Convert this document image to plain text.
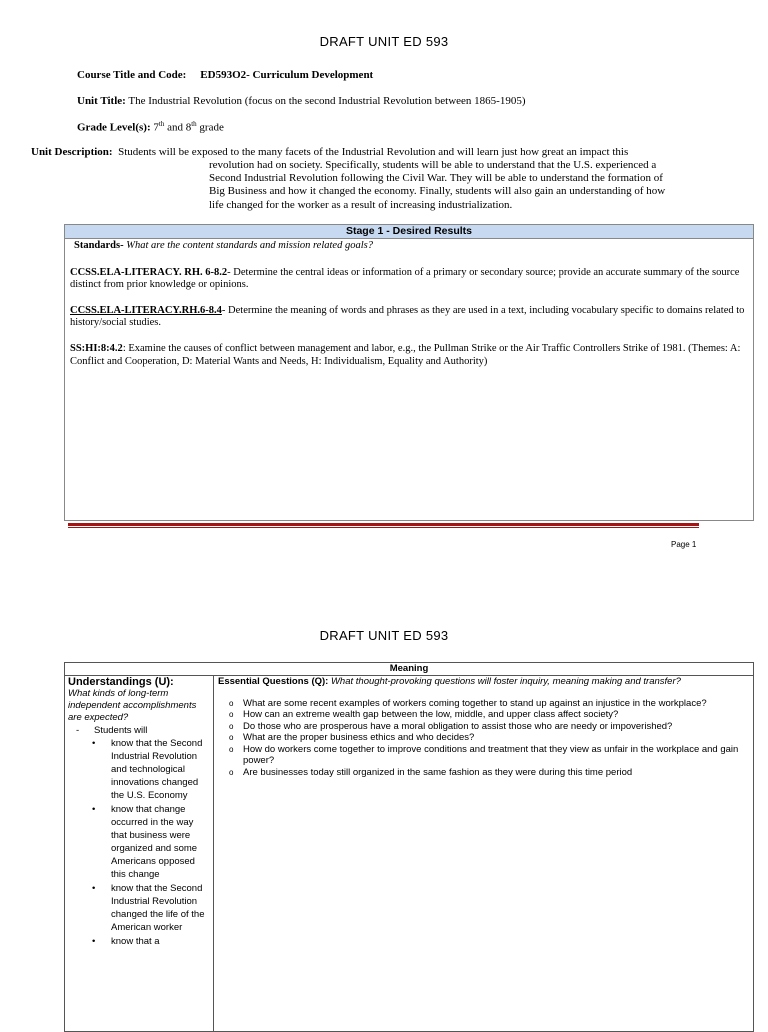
DRAFT UNIT ED 593
Course Title and Code: ED593O2- Curriculum Development
Unit Title: The Industrial Revolution (focus on the second Industrial Revolution between 1865-1905)
Grade Level(s): 7th and 8th grade
Unit Description: Students will be exposed to the many facets of the Industrial Revolution and will learn just how great an impact this
revolution had on society. Specifically, students will be able to understand that the U.S. experienced a
Second Industrial Revolution following the Civil War. They will be able to understand the formation of
Big Business and how it changed the economy. Finally, students will also gain an understanding of how
life changed for the worker as a result of increasing industrialization.
Stage 1 - Desired Results
Standards- What are the content standards and mission related goals?
CCSS.ELA-LITERACY. RH. 6-8.2- Determine the central ideas or information of a primary or secondary source; provide an accurate summary of the source distinct from prior knowledge or opinions.
CCSS.ELA-LITERACY.RH.6-8.4- Determine the meaning of words and phrases as they are used in a text, including vocabulary specific to domains related to history/social studies.
SS:HI:8:4.2: Examine the causes of conflict between management and labor, e.g., the Pullman Strike or the Air Traffic Controllers Strike of 1981. (Themes: A: Conflict and Cooperation, D: Material Wants and Needs, H: Individualism, Equality and Authority)
Page 1
DRAFT UNIT ED 593
Meaning
Understandings (U):
What kinds of long-term independent accomplishments are expected?
-	Students will
• know that the Second Industrial Revolution and technological innovations changed the U.S. Economy
• know that change occurred in the way that business were organized and some Americans opposed this change
• know that the Second Industrial Revolution changed the life of the American worker
• know that a
Essential Questions (Q): What thought-provoking questions will foster inquiry, meaning making and transfer?
o What are some recent examples of workers coming together to stand up against an injustice in the workplace?
o How can an extreme wealth gap between the low, middle, and upper class affect society?
o Do those who are prosperous have a moral obligation to assist those who are needy or impoverished?
o What are the proper business ethics and who decides?
o How do workers come together to improve conditions and treatment that they view as unfair in the workplace and gain power?
o Are businesses today still organized in the same fashion as they were during this time period
